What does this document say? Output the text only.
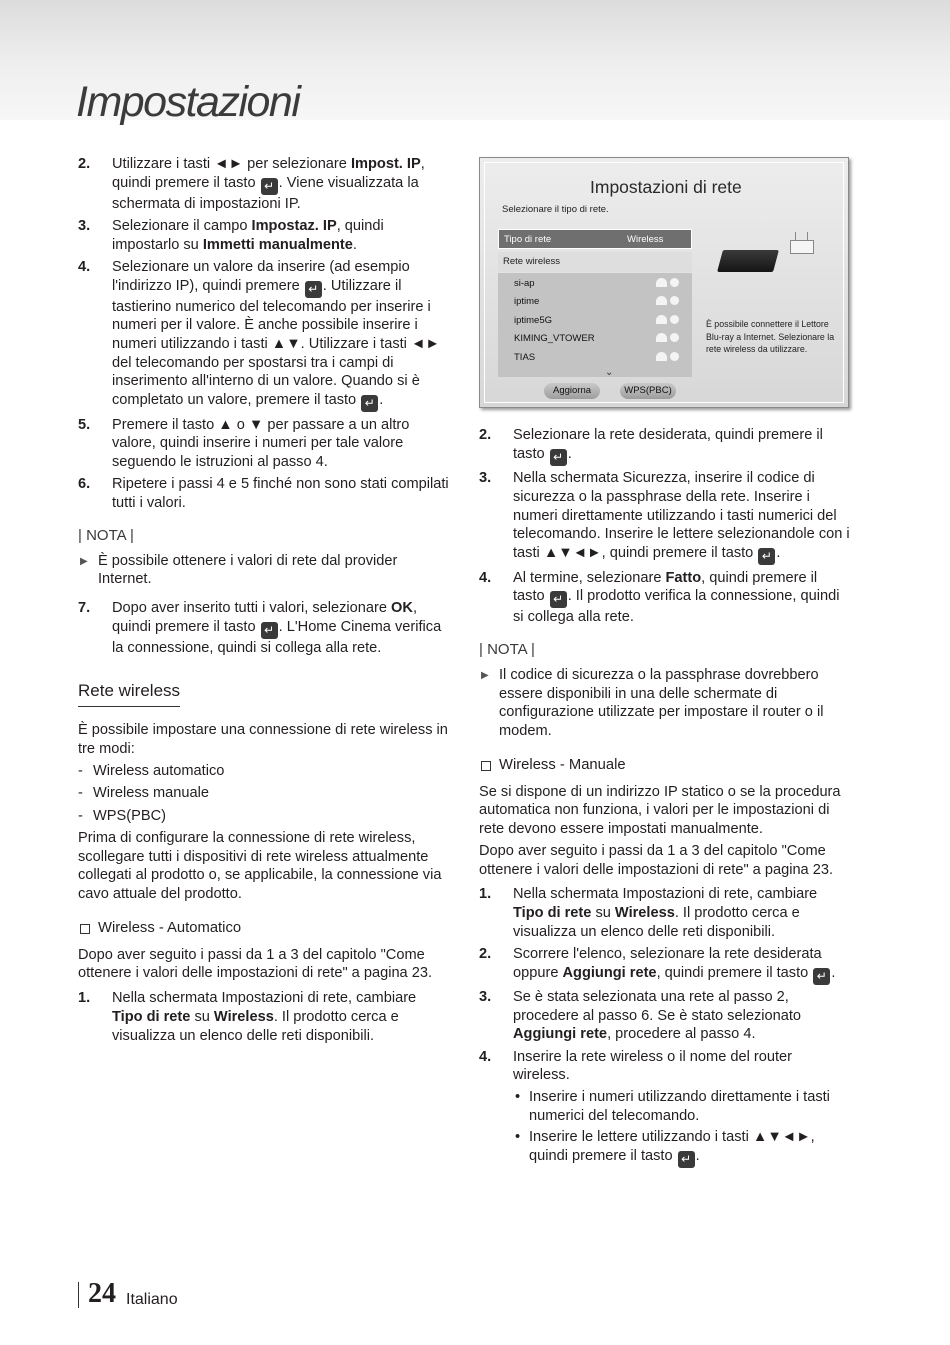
Impostazioni
2. Utilizzare i tasti ◄► per selezionare Impost. IP, quindi premere il tasto ↵ . Viene visualizzata la schermata di impostazioni IP.
3. Selezionare il campo Impostaz. IP, quindi impostarlo su Immetti manualmente.
4. Selezionare un valore da inserire (ad esempio l'indirizzo IP), quindi premere ↵ . Utilizzare il tastierino numerico del telecomando per inserire i numeri per il valore. È anche possibile inserire i numeri utilizzando i tasti ▲▼. Utilizzare i tasti ◄► del telecomando per spostarsi tra i campi di inserimento all'interno di un valore. Quando si è completato un valore, premere il tasto ↵ .
5. Premere il tasto ▲ o ▼ per passare a un altro valore, quindi inserire i numeri per tale valore seguendo le istruzioni al passo 4.
6. Ripetere i passi 4 e 5 finché non sono stati compilati tutti i valori.
| NOTA |
▶ È possibile ottenere i valori di rete dal provider Internet.
7. Dopo aver inserito tutti i valori, selezionare OK, quindi premere il tasto ↵ . L'Home Cinema verifica la connessione, quindi si collega alla rete.
Rete wireless

È possibile impostare una connessione di rete wireless in tre modi:

- Wireless automatico
- Wireless manuale
- WPS(PBC)

Prima di configurare la connessione di rete wireless, scollegare tutti i dispositivi di rete wireless attualmente collegati al prodotto o, se applicabile, la connessione via cavo attuale del prodotto.

Wireless - Automatico

Dopo aver seguito i passi da 1 a 3 del capitolo "Come ottenere i valori delle impostazioni di rete" a pagina 23.

1. Nella schermata Impostazioni di rete, cambiare Tipo di rete su Wireless. Il prodotto cerca e visualizza un elenco delle reti disponibili.
Impostazioni di rete
Selezionare il tipo di rete.
Tipo di rete	Wireless
Rete wireless
si-ap
iptime
iptime5G
KIMING_VTOWER
TIAS
⌄
Aggiorna	WPS(PBC)
È possibile connettere il Lettore Blu-ray a Internet. Selezionare la rete wireless da utilizzare.
2. Selezionare la rete desiderata, quindi premere il tasto ↵ .
3. Nella schermata Sicurezza, inserire il codice di sicurezza o la passphrase della rete. Inserire i numeri direttamente utilizzando i tasti numerici del telecomando. Inserire le lettere selezionandole con i tasti ▲▼◄►, quindi premere il tasto ↵ .
4. Al termine, selezionare Fatto, quindi premere il tasto ↵ . Il prodotto verifica la connessione, quindi si collega alla rete.
| NOTA |
▶ Il codice di sicurezza o la passphrase dovrebbero essere disponibili in una delle schermate di configurazione utilizzate per impostare il router o il modem.
Wireless - Manuale

Se si dispone di un indirizzo IP statico o se la procedura automatica non funziona, i valori per le impostazioni di rete devono essere impostati manualmente.

Dopo aver seguito i passi da 1 a 3 del capitolo "Come ottenere i valori delle impostazioni di rete" a pagina 23.

1. Nella schermata Impostazioni di rete, cambiare Tipo di rete su Wireless. Il prodotto cerca e visualizza un elenco delle reti disponibili.
2. Scorrere l'elenco, selezionare la rete desiderata oppure Aggiungi rete, quindi premere il tasto ↵ .
3. Se è stata selezionata una rete al passo 2, procedere al passo 6. Se è stato selezionato Aggiungi rete, procedere al passo 4.
4. Inserire la rete wireless o il nome del router wireless.
• Inserire i numeri utilizzando direttamente i tasti numerici del telecomando.
• Inserire le lettere utilizzando i tasti ▲▼◄►, quindi premere il tasto ↵ .
24 Italiano
